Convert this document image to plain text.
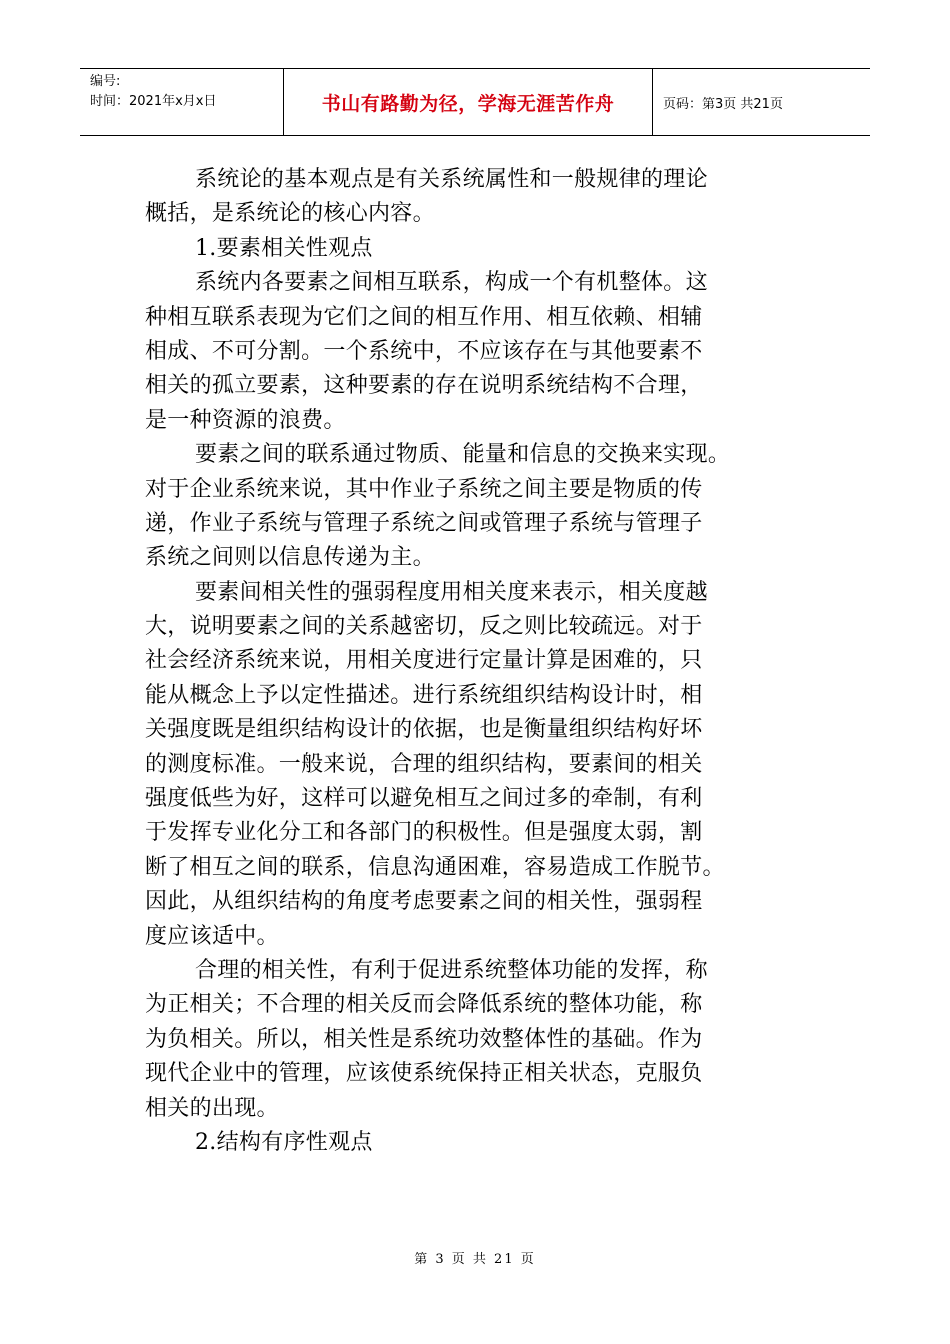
编号:
时间：2021年x月x日	书山有路勤为径，学海无涯苦作舟	页码：第3页 共21页
系统论的基本观点是有关系统属性和一般规律的理论
概括，是系统论的核心内容。
1.要素相关性观点
系统内各要素之间相互联系，构成一个有机整体。这
种相互联系表现为它们之间的相互作用、相互依赖、相辅
相成、不可分割。一个系统中，不应该存在与其他要素不
相关的孤立要素，这种要素的存在说明系统结构不合理，
是一种资源的浪费。
要素之间的联系通过物质、能量和信息的交换来实现。
对于企业系统来说，其中作业子系统之间主要是物质的传
递，作业子系统与管理子系统之间或管理子系统与管理子
系统之间则以信息传递为主。
要素间相关性的强弱程度用相关度来表示，相关度越
大，说明要素之间的关系越密切，反之则比较疏远。对于
社会经济系统来说，用相关度进行定量计算是困难的，只
能从概念上予以定性描述。进行系统组织结构设计时，相
关强度既是组织结构设计的依据，也是衡量组织结构好坏
的测度标准。一般来说，合理的组织结构，要素间的相关
强度低些为好，这样可以避免相互之间过多的牵制，有利
于发挥专业化分工和各部门的积极性。但是强度太弱，割
断了相互之间的联系，信息沟通困难，容易造成工作脱节。
因此，从组织结构的角度考虑要素之间的相关性，强弱程
度应该适中。
合理的相关性，有利于促进系统整体功能的发挥，称
为正相关；不合理的相关反而会降低系统的整体功能，称
为负相关。所以，相关性是系统功效整体性的基础。作为
现代企业中的管理，应该使系统保持正相关状态，克服负
相关的出现。
2.结构有序性观点
第 3 页 共 21 页
